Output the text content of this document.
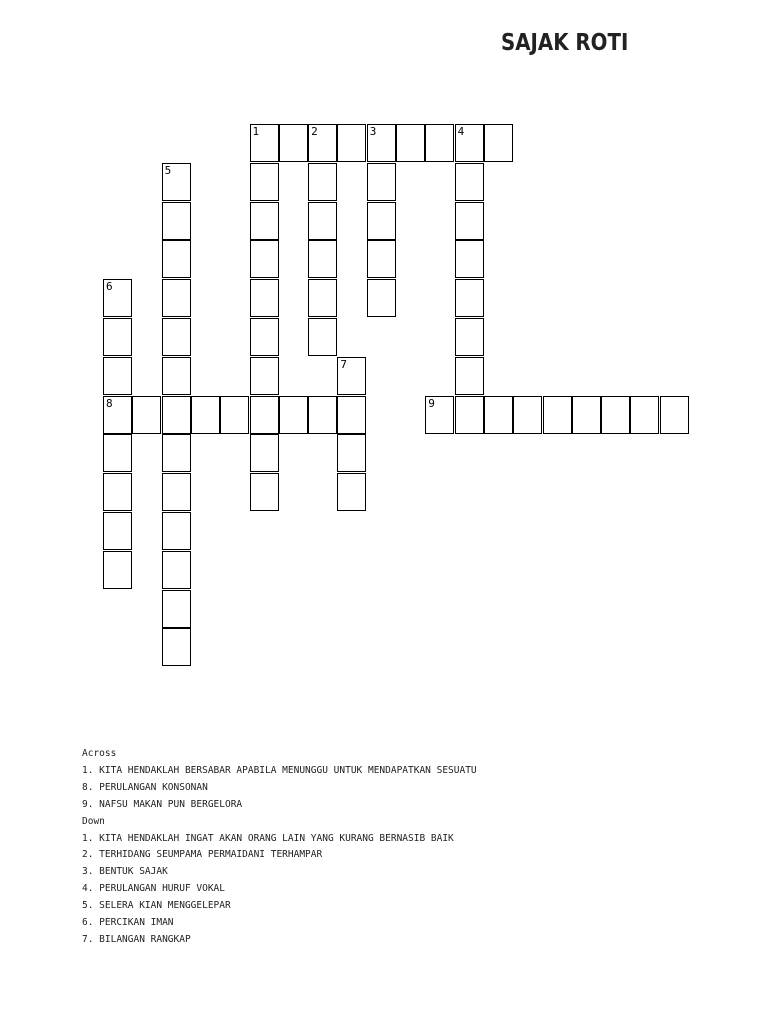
SAJAK ROTI
1	2	3	4
5
6
7
8	9
Across
1. KITA HENDAKLAH BERSABAR APABILA MENUNGGU UNTUK MENDAPATKAN SESUATU
8. PERULANGAN KONSONAN
9. NAFSU MAKAN PUN BERGELORA
Down
1. KITA HENDAKLAH INGAT AKAN ORANG LAIN YANG KURANG BERNASIB BAIK
2. TERHIDANG SEUMPAMA PERMAIDANI TERHAMPAR
3. BENTUK SAJAK
4. PERULANGAN HURUF VOKAL
5. SELERA KIAN MENGGELEPAR
6. PERCIKAN IMAN
7. BILANGAN RANGKAP
